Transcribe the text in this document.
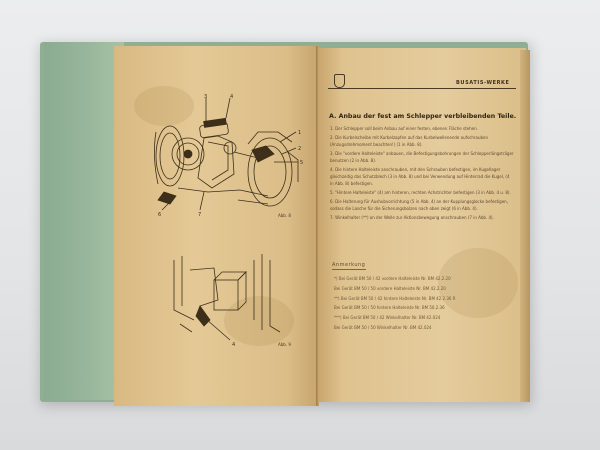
3	4
1
2
5
6	7	Abb. 8
4	Abb. 9
BUSATIS-WERKE
A. Anbau der fest am Schlepper verbleibenden Teile.
1. Der Schlepper soll beim Anbau auf einer festen, ebenen Fläche stehen.
2. Die Kurbelscheibe mit Kurbelzapfen auf das Kurbelwellenende aufschrauben (Anzugsdrehmoment beachten!) (1 in Abb. 8).
3. Die "vordere Halteleiste" anbauen, die Befestigungsbohrungen der Schlepperlängsträger benutzen (2 in Abb. 8).
4. Die hintere Halteleiste anschrauben, mit den Schrauben befestigen, im Kugellager gleichzeitig das Schutzblech (3 in Abb. 8) und bei Verwendung auf Hinterrad die Kugel, (4 in Abb. 8) befestigen.
5. "Hintere Halteleiste" (4) am hinteren, rechten Achstrichter befestigen (3 in Abb. 4 u. 8).
6. Die Halterung für Aushubvorrichtung (5 in Abb. 4) an der Kupplungsglocke befestigen, sodass die Lasche für die Sicherungsbolzen nach oben zeigt (6 in Abb. 4).
7. Winkelhalter (**) an der Welle zur Aktionsbewegung anschrauben (7 in Abb. 4).
Anmerkung
*) Bei Gerät BM 50 / 42 vordere Halteleiste Nr. BM 42.2.20
Bei Gerät BM 50 / 50 vordere Halteleiste Nr. BM 42.2.20
**) Bei Gerät BM 50 / 42 hintere Halteleiste Nr. BM 42.2.36 R
Bei Gerät BM 50 / 50 hintere Halteleiste Nr. BM 50.2.36
***) Bei Gerät BM 50 / 42 Winkelhalter Nr. BM 42.024
Bei Gerät BM 50 / 50 Winkelhalter Nr. BM 42.024
